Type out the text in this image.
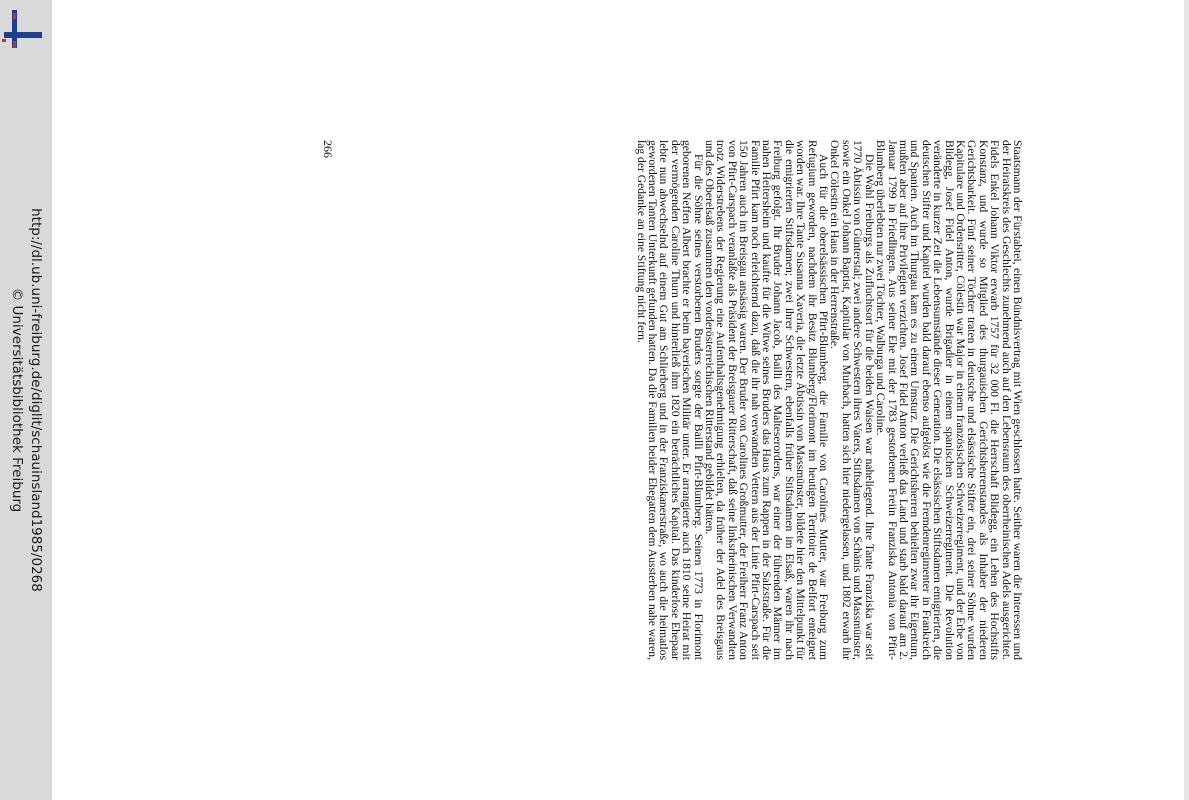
http://dl.ub.uni-freiburg.de/diglit/schauinsland1985/0268
© Universitätsbibliothek Freiburg	Staatsmann der Fürstabtei, einen Bündnisvertrag mit Wien geschlossen hatte. Seither waren die Interessen und der Heiratskreis des Geschlechts zunehmend auch auf den Lebensraum des oberrheinischen Adels ausgerichtet. Fidels Enkel Johann Viktor erwarb 1757 für 32 000 Fl. die Herrschaft Blidegg, ein Lehen des Hochstifts Konstanz, und wurde so Mitglied des thurgauischen Gerichtsherrenstandes als Inhaber der niederen Gerichtsbarkeit. Fünf seiner Töchter traten in deutsche und elsässische Stifter ein, drei seiner Söhne wurden Kapitulare und Ordensritter, Cölestin war Major in einem französischen Schweizerregiment, und der Erbe von Blidegg, Josef Fidel Anton, wurde Brigadier in einem spanischen Schweizerregiment. Die Revolution veränderte in kurzer Zeit die Lebensumstände dieser Generation. Die elsässischen Stiftsdamen emigrierten, die deutschen Stifter und Kapitel wurden bald darauf ebenso aufgelöst wie die Fremdenregimenter in Frankreich und Spanien. Auch im Thurgau kam es zu einem Umsturz. Die Gerichtsherren behielten zwar ihr Eigentum, mußten aber auf ihre Privilegien verzichten. Josef Fidel Anton verließ das Land und starb bald darauf am 2. Januar 1799 in Friedlingen. Aus seiner Ehe mit der 1783 gestorbenen Freiin Franziska Antonia von Pfirt-Blumberg überlebten nur zwei Töchter, Walburga und Caroline.

Die Wahl Freiburgs als Zufluchtsort für die beiden Waisen war naheliegend. Ihre Tante Franziska war seit 1770 Äbtissin von Günterstal; zwei andere Schwestern ihres Vaters, Stiftsdamen von Schänis und Massmünster, sowie ein Onkel Johann Baptist, Kapitular von Murbach, hatten sich hier niedergelassen, und 1802 erwarb ihr Onkel Cölestin ein Haus in der Herrenstraße.

Auch für die oberelsässischen Pfirt-Blumberg, die Familie von Carolines Mutter, war Freiburg zum Refugium geworden, nachdem ihr Besitz Blumberg/Florimont im heutigen Territoire de Belfort enteignet worden war. Ihre Tante Susanna Xaveria, die letzte Äbtissin von Massmünster, bildete hier den Mittelpunkt für die emigrierten Stiftsdamen; zwei ihrer Schwestern, ebenfalls früher Stiftsdamen im Elsaß, waren ihr nach Freiburg gefolgt. Ihr Bruder Johann Jacob, Bailli des Malteserordens, war einer der führenden Männer im nahen Heitersheim und kaufte für die Witwe seines Bruders das Haus zum Rappen in der Salzstraße. Für die Familie Pfirt kam noch erleichternd dazu, daß die ihr nah verwandten Vettern aus der Linie Pfirt-Carspach seit 150 Jahren auch im Breisgau ansässig waren. Der Bruder von Carolines Großmutter, der Freiherr Franz Anton von Pfirt-Carspach veranlaßte als Präsident der Breisgauer Ritterschaft, daß seine linksrheinischen Verwandten trotz Widerstrebens der Regierung eine Aufenthaltsgenehmigung erhielten, da früher der Adel des Breisgaus und des Oberelsaß zusammen den vorderösterreichischen Ritterstand gebildet hätten.

Für die Söhne seines verstorbenen Bruders sorgte der Bailli Pfirt-Blumberg. Seinen 1773 in Florimont geborenen Neffen Albert brachte er beim bayerischen Militär unter. Er arrangierte auch 1810 seine Heirat mit der vermögenden Caroline Thurn und hinterließ ihm 1820 ein beträchtliches Kapital. Das kinderlose Ehepaar lebte nun abwechselnd auf einem Gut am Schlierberg und in der Franziskanerstraße, wo auch die heimatlos gewordenen Tanten Unterkunft gefunden hatten. Da die Familien beider Ehegatten dem Aussterben nahe waren, lag der Gedanke an eine Stiftung nicht fern.

266
